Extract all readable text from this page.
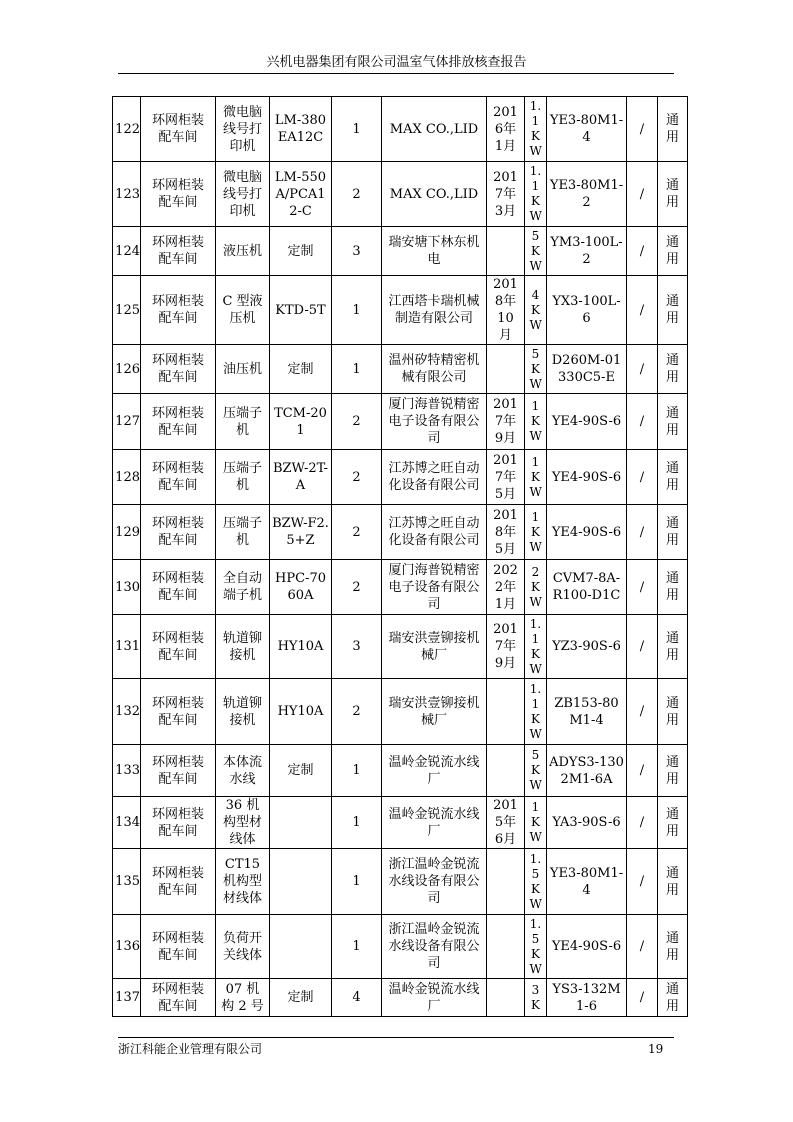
兴机电器集团有限公司温室气体排放核查报告
122	环网柜装配车间	微电脑线号打印机	LM-380EA12C	1	MAX CO.,LID	2016年1月	1.1KW	YE3-80M1-4	/	通用

123	环网柜装配车间	微电脑线号打印机	LM-550A/PCA12-C	2	MAX CO.,LID	2017年3月	1.1KW	YE3-80M1-2	/	通用

124	环网柜装配车间	液压机	定制	3	瑞安塘下林东机电		5KW	YM3-100L-2	/	通用

125	环网柜装配车间	C 型液压机	KTD-5T	1	江西塔卡瑞机械制造有限公司	2018年10月	4KW	YX3-100L-6	/	通用

126	环网柜装配车间	油压机	定制	1	温州矽特精密机械有限公司		5KW	D260M-01330C5-E	/	通用

127	环网柜装配车间	压端子机	TCM-201	2	厦门海普锐精密电子设备有限公司	2017年9月	1KW	YE4-90S-6	/	通用

128	环网柜装配车间	压端子机	BZW-2T-A	2	江苏博之旺自动化设备有限公司	2017年5月	1KW	YE4-90S-6	/	通用

129	环网柜装配车间	压端子机	BZW-F2.5+Z	2	江苏博之旺自动化设备有限公司	2018年5月	1KW	YE4-90S-6	/	通用

130	环网柜装配车间	全自动端子机	HPC-7060A	2	厦门海普锐精密电子设备有限公司	2022年1月	2KW	CVM7-8A-R100-D1C	/	通用

131	环网柜装配车间	轨道铆接机	HY10A	3	瑞安洪壹铆接机械厂	2017年9月	1.1KW	YZ3-90S-6	/	通用

132	环网柜装配车间	轨道铆接机	HY10A	2	瑞安洪壹铆接机械厂		1.1KW	ZB153-80M1-4	/	通用

133	环网柜装配车间	本体流水线	定制	1	温岭金锐流水线厂		5KW	ADYS3-1302M1-6A	/	通用

134	环网柜装配车间	36 机构型材线体		1	温岭金锐流水线厂	2015年6月	1KW	YA3-90S-6	/	通用

135	环网柜装配车间	CT15 机构型材线体		1	浙江温岭金锐流水线设备有限公司		1.5KW	YE3-80M1-4	/	通用

136	环网柜装配车间	负荷开关线体		1	浙江温岭金锐流水线设备有限公司		1.5KW	YE4-90S-6	/	通用

137	环网柜装配车间	07 机构 2 号	定制	4	温岭金锐流水线厂		3K	YS3-132M1-6	/	通用
浙江科能企业管理有限公司	19
